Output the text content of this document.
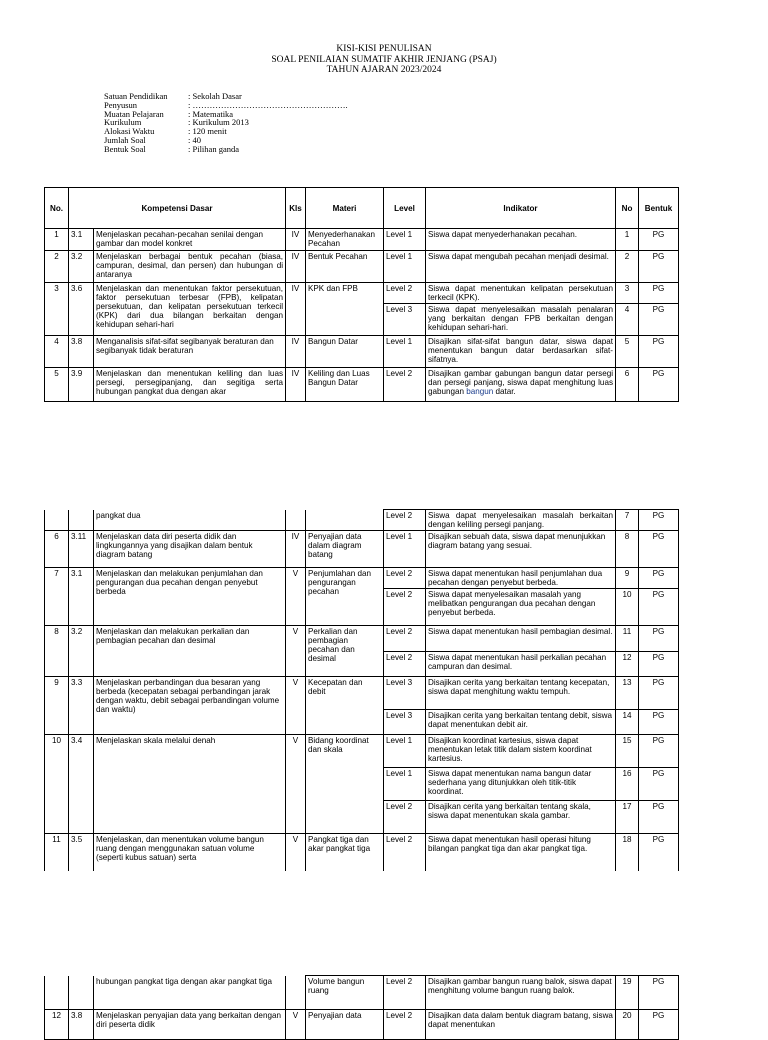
KISI-KISI PENULISAN
SOAL PENILAIAN SUMATIF AKHIR JENJANG (PSAJ)
TAHUN AJARAN 2023/2024
Satuan Pendidikan	: Sekolah Dasar
Penyusun	: ……………………………………………….
Muatan Pelajaran	: Matematika
Kurikulum	: Kurikulum 2013
Alokasi Waktu	: 120 menit
Jumlah Soal	: 40
Bentuk Soal	: Pilihan ganda
No.	Kompetensi Dasar		Kls	Materi	Level	Indikator	No	Bentuk
1	3.1	Menjelaskan pecahan-pecahan senilai dengan gambar dan model konkret	IV	Menyederhanakan Pecahan	Level 1	Siswa dapat menyederhanakan pecahan.	1	PG
2	3.2	Menjelaskan berbagai bentuk pecahan (biasa, campuran, desimal, dan persen) dan hubungan di antaranya	IV	Bentuk Pecahan	Level 1	Siswa dapat mengubah pecahan menjadi desimal.	2	PG
3	3.6	Menjelaskan dan menentukan faktor persekutuan, faktor persekutuan terbesar (FPB), kelipatan persekutuan, dan kelipatan persekutuan terkecil (KPK) dari dua bilangan berkaitan dengan kehidupan sehari-hari	IV	KPK dan FPB	Level 2	Siswa dapat menentukan kelipatan persekutuan terkecil (KPK).	3	PG
					Level 3	Siswa dapat menyelesaikan masalah penalaran yang berkaitan dengan FPB berkaitan dengan kehidupan sehari-hari.	4	PG
4	3.8	Menganalisis sifat-sifat segibanyak beraturan dan segibanyak tidak beraturan	IV	Bangun Datar	Level 1	Disajikan sifat-sifat bangun datar, siswa dapat menentukan bangun datar berdasarkan sifat-sifatnya.	5	PG
5	3.9	Menjelaskan dan menentukan keliling dan luas persegi, persegipanjang, dan segitiga serta hubungan pangkat dua dengan akar	IV	Keliling dan Luas Bangun Datar	Level 2	Disajikan gambar gabungan bangun datar persegi dan persegi panjang, siswa dapat menghitung luas gabungan bangun datar.	6	PG
		pangkat dua			Level 2	Siswa dapat menyelesaikan masalah berkaitan dengan keliling persegi panjang.	7	PG
6	3.11	Menjelaskan data diri peserta didik dan lingkungannya yang disajikan dalam bentuk diagram batang	IV	Penyajian data dalam diagram batang	Level 1	Disajikan sebuah data, siswa dapat menunjukkan diagram batang yang sesuai.	8	PG
7	3.1	Menjelaskan dan melakukan penjumlahan dan pengurangan dua pecahan dengan penyebut berbeda	V	Penjumlahan dan pengurangan pecahan	Level 2	Siswa dapat menentukan hasil penjumlahan dua pecahan dengan penyebut berbeda.	9	PG
					Level 2	Siswa dapat menyelesaikan masalah yang melibatkan pengurangan dua pecahan dengan penyebut berbeda.	10	PG
8	3.2	Menjelaskan dan melakukan perkalian dan pembagian pecahan dan desimal	V	Perkalian dan pembagian pecahan dan desimal	Level 2	Siswa dapat menentukan hasil pembagian desimal.	11	PG
					Level 2	Siswa dapat menentukan hasil perkalian pecahan campuran dan desimal.	12	PG
9	3.3	Menjelaskan perbandingan dua besaran yang berbeda (kecepatan sebagai perbandingan jarak dengan waktu, debit sebagai perbandingan volume dan waktu)	V	Kecepatan dan debit	Level 3	Disajikan cerita yang berkaitan tentang kecepatan, siswa dapat menghitung waktu tempuh.	13	PG
					Level 3	Disajikan cerita yang berkaitan tentang debit, siswa dapat menentukan debit air.	14	PG
10	3.4	Menjelaskan skala melalui denah	V	Bidang koordinat dan skala	Level 1	Disajikan koordinat kartesius, siswa dapat menentukan letak titik dalam sistem koordinat kartesius.	15	PG
					Level 1	Siswa dapat menentukan nama bangun datar sederhana yang ditunjukkan oleh titik-titik koordinat.	16	PG
					Level 2	Disajikan cerita yang berkaitan tentang skala, siswa dapat menentukan skala gambar.	17	PG
11	3.5	Menjelaskan, dan menentukan volume bangun ruang dengan menggunakan satuan volume (seperti kubus satuan) serta	V	Pangkat tiga dan akar pangkat tiga	Level 2	Siswa dapat menentukan hasil operasi hitung bilangan pangkat tiga dan akar pangkat tiga.	18	PG
		hubungan pangkat tiga dengan akar pangkat tiga		Volume bangun ruang	Level 2	Disajikan gambar bangun ruang balok, siswa dapat menghitung volume bangun ruang balok.	19	PG
12	3.8	Menjelaskan penyajian data yang berkaitan dengan diri peserta didik	V	Penyajian data	Level 2	Disajikan data dalam bentuk diagram batang, siswa dapat menentukan	20	PG
